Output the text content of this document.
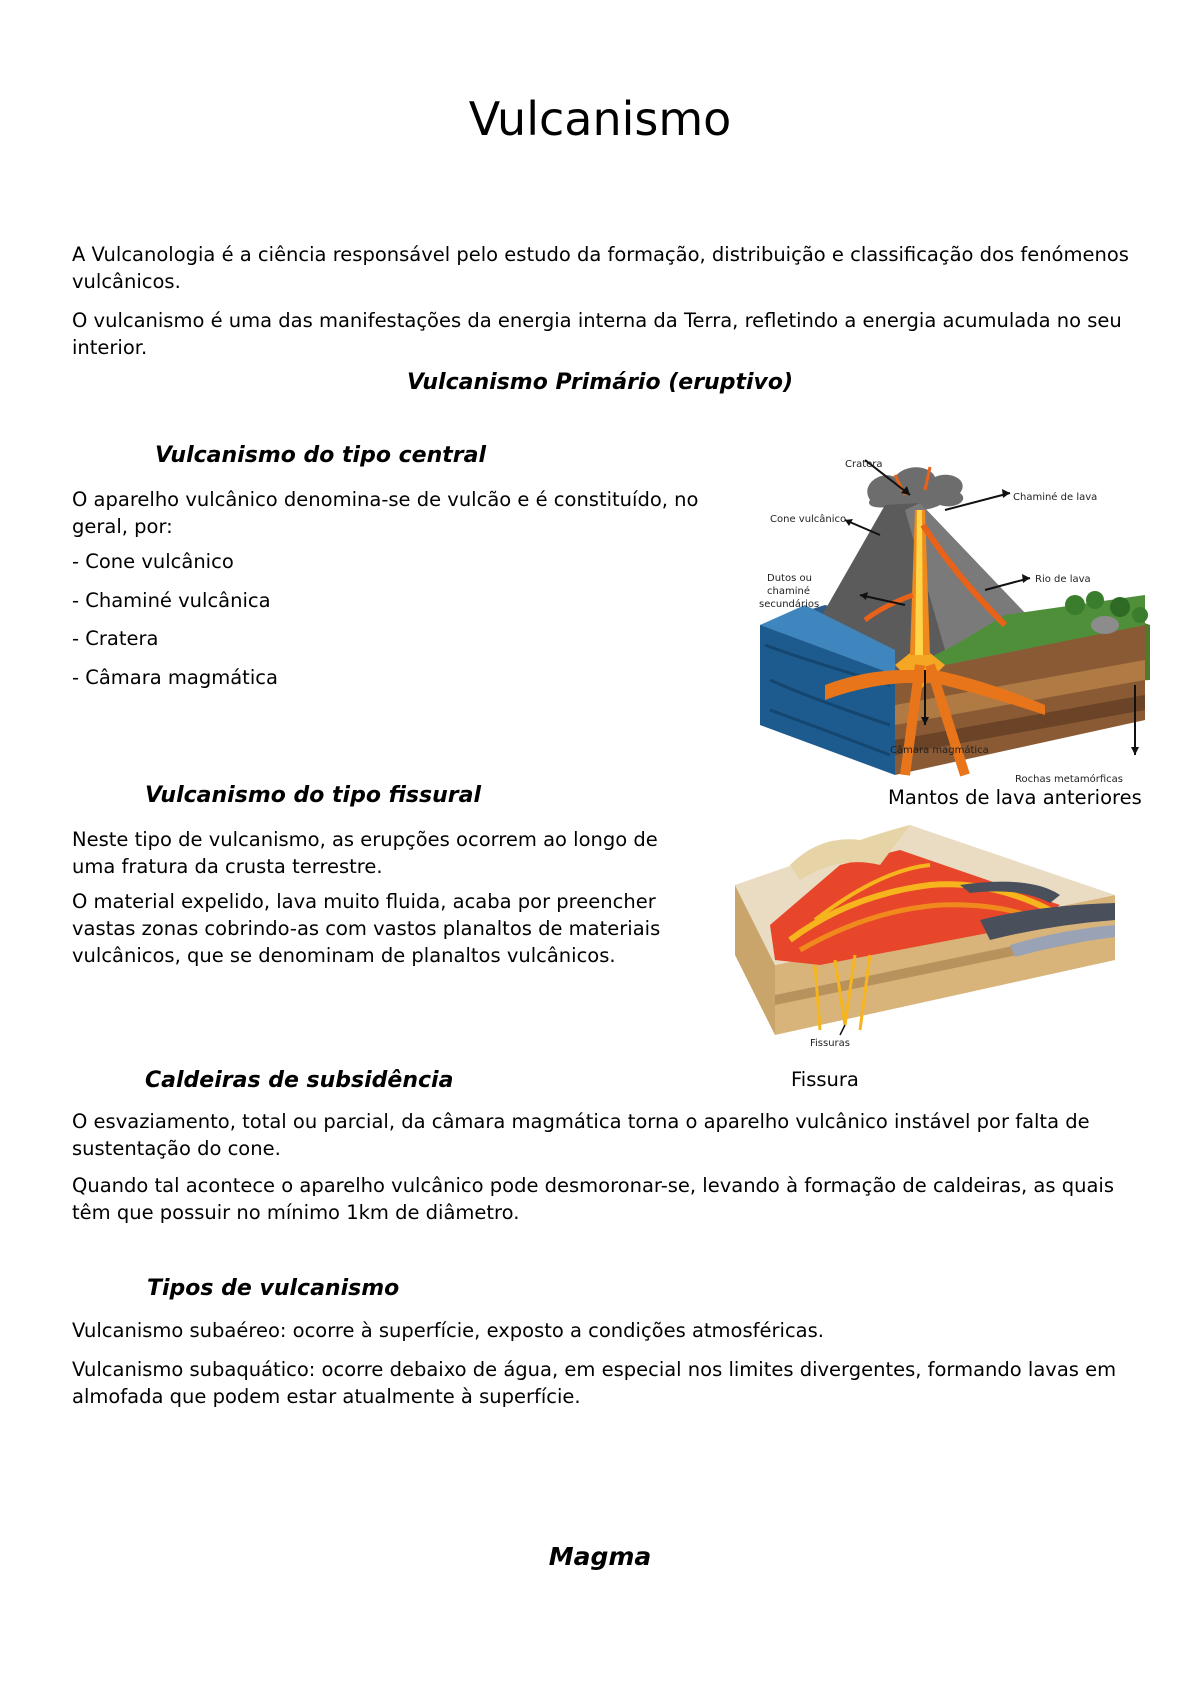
Vulcanismo

A Vulcanologia é a ciência responsável pelo estudo da formação, distribuição e classificação dos fenómenos vulcânicos.

O vulcanismo é uma das manifestações da energia interna da Terra, refletindo a energia acumulada no seu interior.

Vulcanismo Primário (eruptivo)
Vulcanismo do tipo central

O aparelho vulcânico denomina-se de vulcão e é constituído, no geral, por:

- Cone vulcânico

- Chaminé vulcânica

- Cratera

- Câmara magmática

Cratera
Chaminé de lava
Cone vulcânico
Rio de lava
Dutos ou
chaminé
secundários
Câmara magmática
Rochas metamórficas

Mantos de lava anteriores

Vulcanismo do tipo fissural

Neste tipo de vulcanismo, as erupções ocorrem ao longo de uma fratura da crusta terrestre.

O material expelido, lava muito fluida, acaba por preencher vastas zonas cobrindo-as com vastos planaltos de materiais vulcânicos, que se denominam de planaltos vulcânicos.

Fissuras

Fissura

Caldeiras de subsidência

O esvaziamento, total ou parcial, da câmara magmática torna o aparelho vulcânico instável por falta de sustentação do cone.

Quando tal acontece o aparelho vulcânico pode desmoronar-se, levando à formação de caldeiras, as quais têm que possuir no mínimo 1km de diâmetro.

Tipos de vulcanismo

Vulcanismo subaéreo: ocorre à superfície, exposto a condições atmosféricas.

Vulcanismo subaquático: ocorre debaixo de água, em especial nos limites divergentes, formando lavas em almofada que podem estar atualmente à superfície.

Magma
